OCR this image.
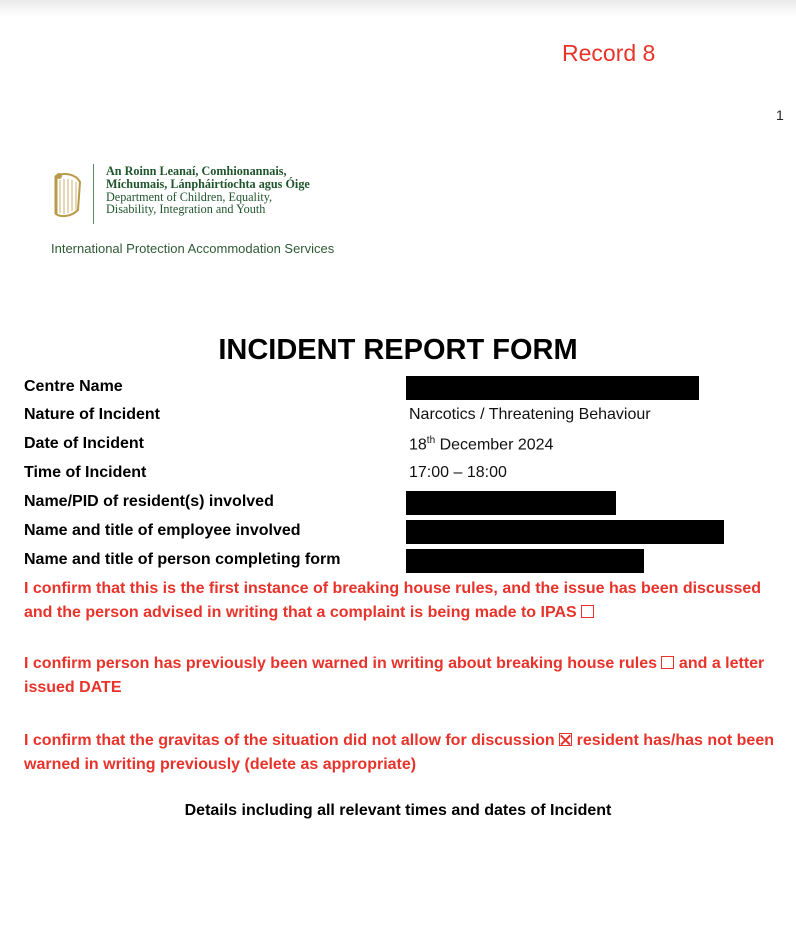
Record 8
1
An Roinn Leanaí, Comhionannais,
Míchumais, Lánpháirtíochta agus Óige
Department of Children, Equality,
Disability, Integration and Youth
International Protection Accommodation Services
INCIDENT REPORT FORM
Centre Name
Nature of Incident	Narcotics / Threatening Behaviour
Date of Incident	18th December 2024
Time of Incident	17:00 – 18:00
Name/PID of resident(s) involved
Name and title of employee involved
Name and title of person completing form
I confirm that this is the first instance of breaking house rules, and the issue has been discussed and the person advised in writing that a complaint is being made to IPAS
I confirm person has previously been warned in writing about breaking house rules and a letter issued DATE
I confirm that the gravitas of the situation did not allow for discussion resident has/has not been warned in writing previously (delete as appropriate)
Details including all relevant times and dates of Incident
